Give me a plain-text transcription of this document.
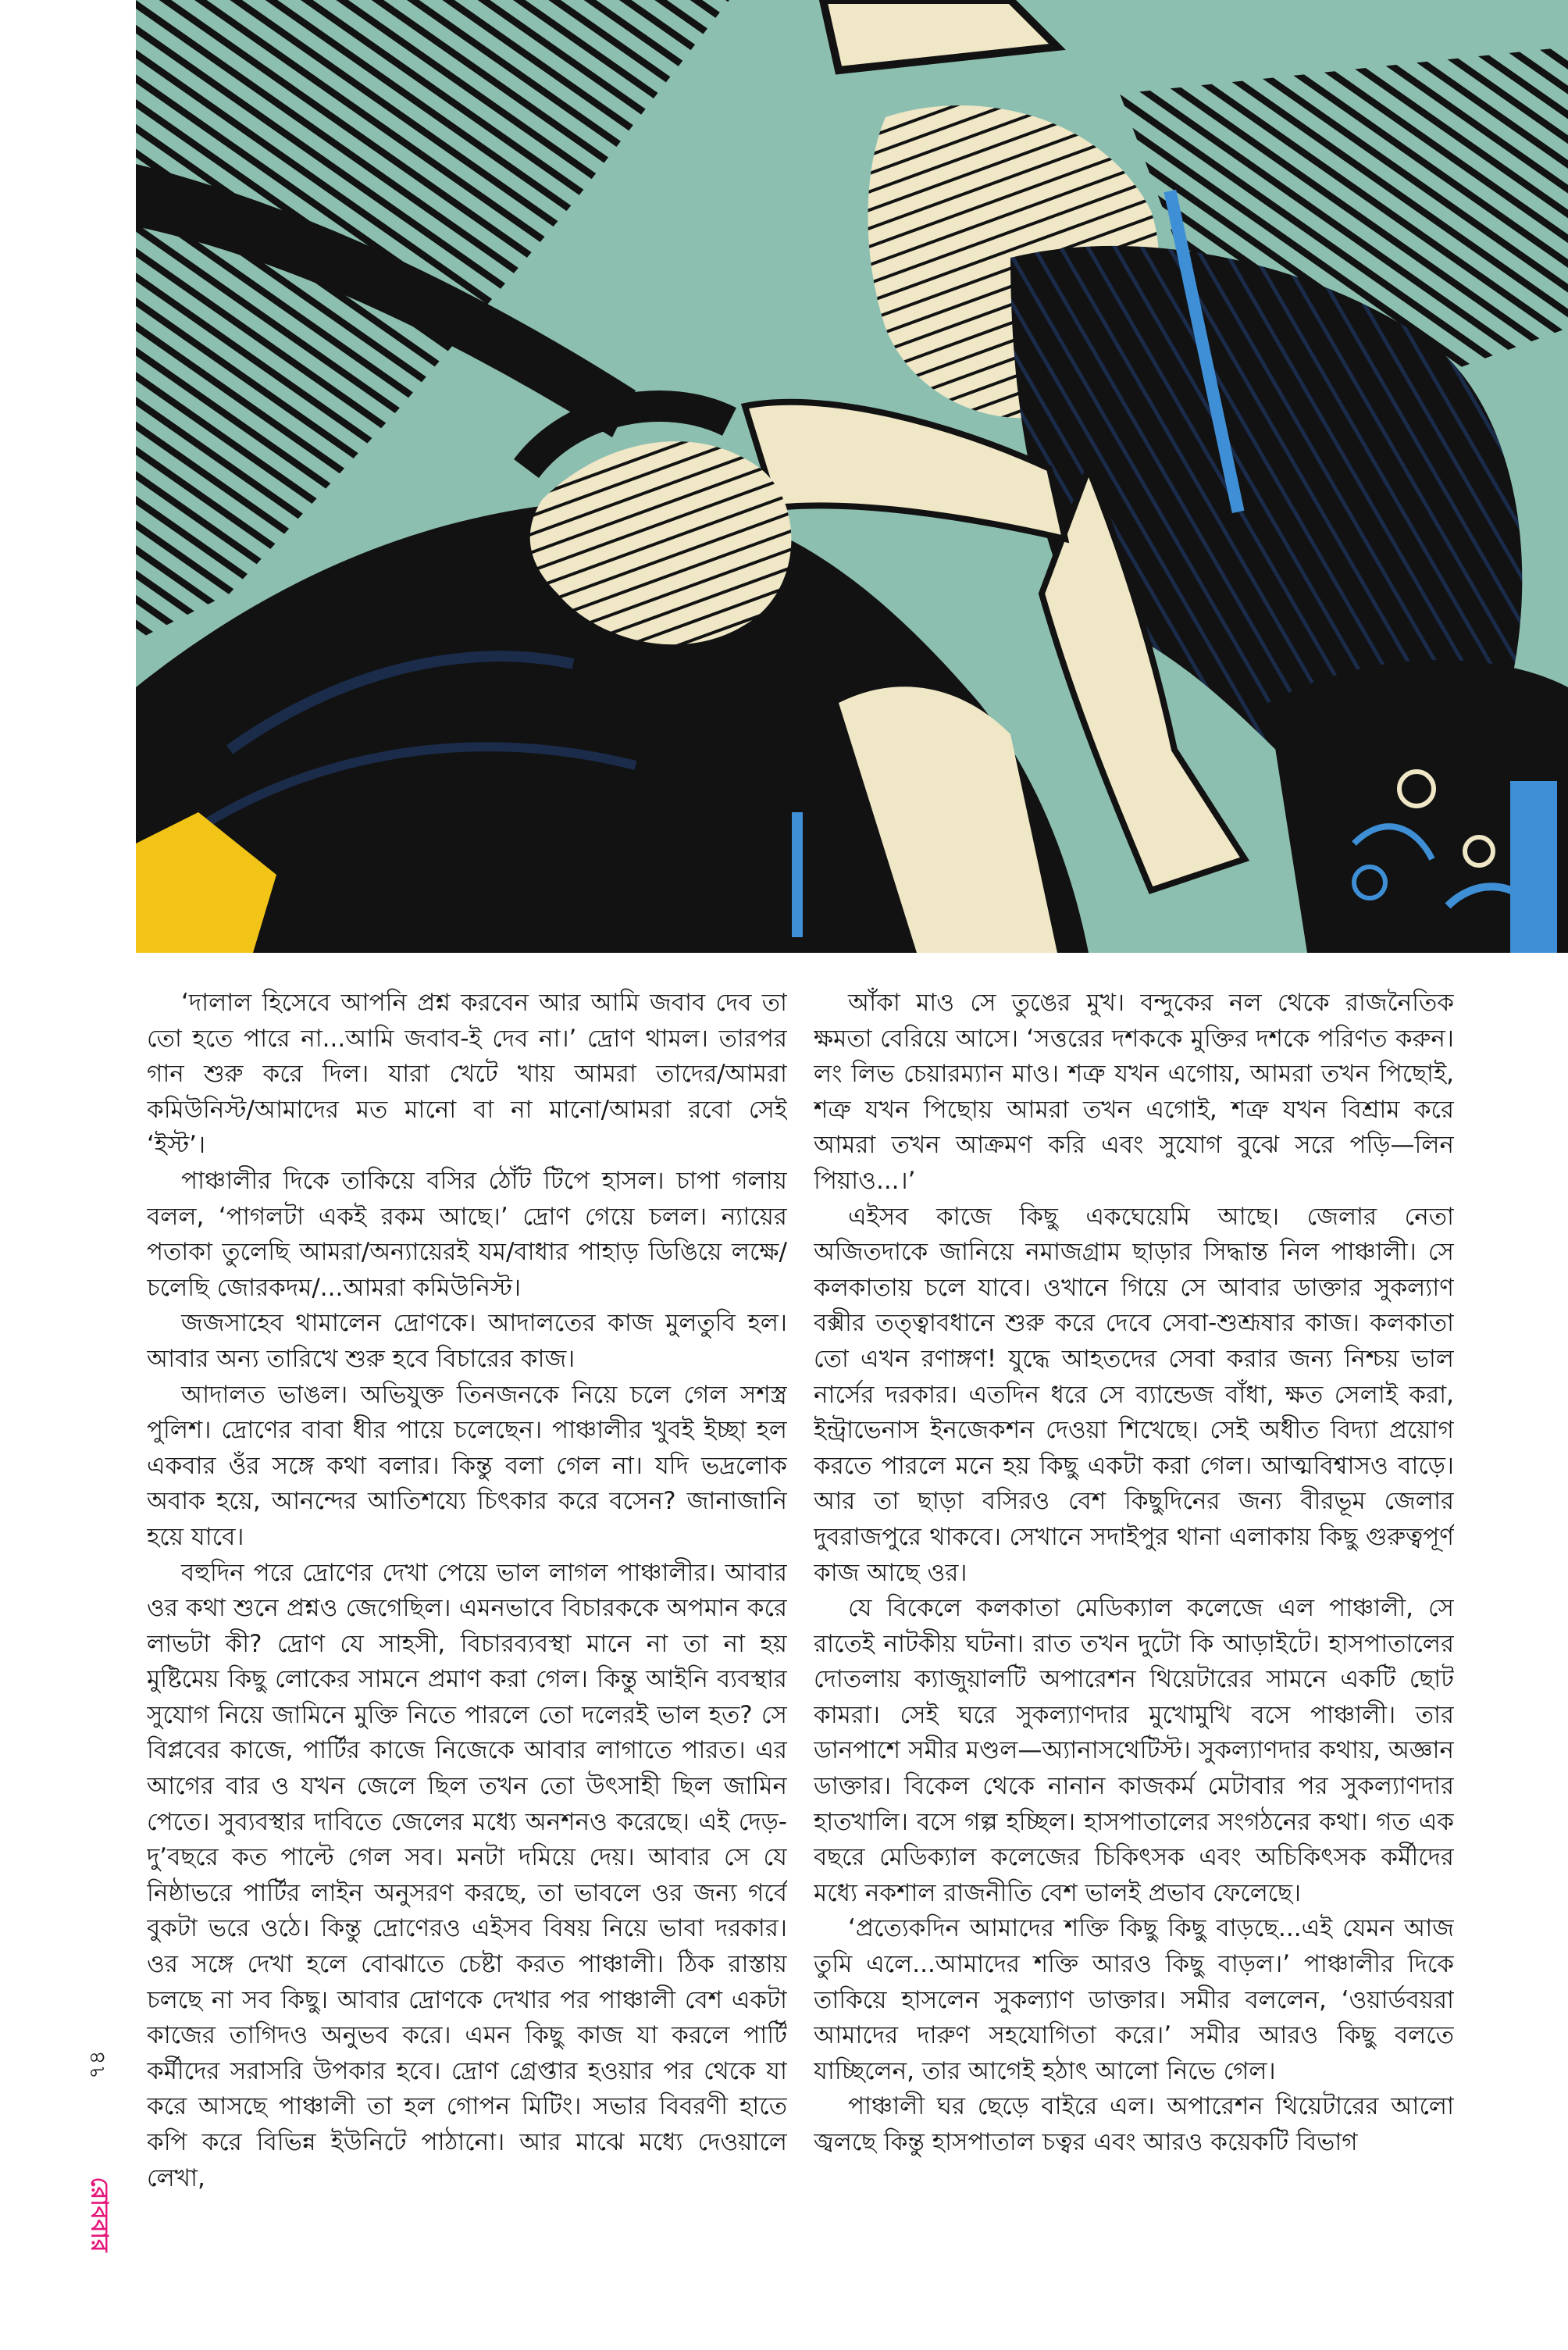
‘দালাল হিসেবে আপনি প্রশ্ন করবেন আর আমি জবাব দেব তা তো হতে পারে না...আমি জবাব-ই দেব না।’ দ্রোণ থামল। তারপর গান শুরু করে দিল। যারা খেটে খায় আমরা তাদের/আমরা কমিউনিস্ট/আমাদের মত মানো বা না মানো/আমরা রবো সেই ‘ইস্ট’।

পাঞ্চালীর দিকে তাকিয়ে বসির ঠোঁট টিপে হাসল। চাপা গলায় বলল, ‘পাগলটা একই রকম আছে।’ দ্রোণ গেয়ে চলল। ন্যায়ের পতাকা তুলেছি আমরা/অন্যায়েরই যম/বাধার পাহাড় ডিঙিয়ে লক্ষে/চলেছি জোরকদম/...আমরা কমিউনিস্ট।

জজসাহেব থামালেন দ্রোণকে। আদালতের কাজ মুলতুবি হল। আবার অন্য তারিখে শুরু হবে বিচারের কাজ।

আদালত ভাঙল। অভিযুক্ত তিনজনকে নিয়ে চলে গেল সশস্ত্র পুলিশ। দ্রোণের বাবা ধীর পায়ে চলেছেন। পাঞ্চালীর খুবই ইচ্ছা হল একবার ওঁর সঙ্গে কথা বলার। কিন্তু বলা গেল না। যদি ভদ্রলোক অবাক হয়ে, আনন্দের আতিশয্যে চিৎকার করে বসেন? জানাজানি হয়ে যাবে।

বহুদিন পরে দ্রোণের দেখা পেয়ে ভাল লাগল পাঞ্চালীর। আবার ওর কথা শুনে প্রশ্নও জেগেছিল। এমনভাবে বিচারককে অপমান করে লাভটা কী? দ্রোণ যে সাহসী, বিচারব্যবস্থা মানে না তা না হয় মুষ্টিমেয় কিছু লোকের সামনে প্রমাণ করা গেল। কিন্তু আইনি ব্যবস্থার সুযোগ নিয়ে জামিনে মুক্তি নিতে পারলে তো দলেরই ভাল হত? সে বিপ্লবের কাজে, পার্টির কাজে নিজেকে আবার লাগাতে পারত। এর আগের বার ও যখন জেলে ছিল তখন তো উৎসাহী ছিল জামিন পেতে। সুব্যবস্থার দাবিতে জেলের মধ্যে অনশনও করেছে। এই দেড়-দু’বছরে কত পাল্টে গেল সব। মনটা দমিয়ে দেয়। আবার সে যে নিষ্ঠাভরে পার্টির লাইন অনুসরণ করছে, তা ভাবলে ওর জন্য গর্বে বুকটা ভরে ওঠে। কিন্তু দ্রোণেরও এইসব বিষয় নিয়ে ভাবা দরকার। ওর সঙ্গে দেখা হলে বোঝাতে চেষ্টা করত পাঞ্চালী। ঠিক রাস্তায় চলছে না সব কিছু। আবার দ্রোণকে দেখার পর পাঞ্চালী বেশ একটা কাজের তাগিদও অনুভব করে। এমন কিছু কাজ যা করলে পার্টি কর্মীদের সরাসরি উপকার হবে। দ্রোণ গ্রেপ্তার হওয়ার পর থেকে যা করে আসছে পাঞ্চালী তা হল গোপন মিটিং। সভার বিবরণী হাতে কপি করে বিভিন্ন ইউনিটে পাঠানো। আর মাঝে মধ্যে দেওয়ালে লেখা,

আঁকা মাও সে তুঙের মুখ। বন্দুকের নল থেকে রাজনৈতিক ক্ষমতা বেরিয়ে আসে। ‘সত্তরের দশককে মুক্তির দশকে পরিণত করুন। লং লিভ চেয়ারম্যান মাও। শত্রু যখন এগোয়, আমরা তখন পিছোই, শত্রু যখন পিছোয় আমরা তখন এগোই, শত্রু যখন বিশ্রাম করে আমরা তখন আক্রমণ করি এবং সুযোগ বুঝে সরে পড়ি—লিন পিয়াও...।’

এইসব কাজে কিছু একঘেয়েমি আছে। জেলার নেতা অজিতদাকে জানিয়ে নমাজগ্রাম ছাড়ার সিদ্ধান্ত নিল পাঞ্চালী। সে কলকাতায় চলে যাবে। ওখানে গিয়ে সে আবার ডাক্তার সুকল্যাণ বক্সীর তত্ত্বাবধানে শুরু করে দেবে সেবা-শুশ্রূষার কাজ। কলকাতা তো এখন রণাঙ্গণ! যুদ্ধে আহতদের সেবা করার জন্য নিশ্চয় ভাল নার্সের দরকার। এতদিন ধরে সে ব্যান্ডেজ বাঁধা, ক্ষত সেলাই করা, ইন্ট্রাভেনাস ইনজেকশন দেওয়া শিখেছে। সেই অধীত বিদ্যা প্রয়োগ করতে পারলে মনে হয় কিছু একটা করা গেল। আত্মবিশ্বাসও বাড়ে। আর তা ছাড়া বসিরও বেশ কিছুদিনের জন্য বীরভূম জেলার দুবরাজপুরে থাকবে। সেখানে সদাইপুর থানা এলাকায় কিছু গুরুত্বপূর্ণ কাজ আছে ওর।

যে বিকেলে কলকাতা মেডিক্যাল কলেজে এল পাঞ্চালী, সে রাতেই নাটকীয় ঘটনা। রাত তখন দুটো কি আড়াইটে। হাসপাতালের দোতলায় ক্যাজুয়ালটি অপারেশন থিয়েটারের সামনে একটি ছোট কামরা। সেই ঘরে সুকল্যাণদার মুখোমুখি বসে পাঞ্চালী। তার ডানপাশে সমীর মণ্ডল—অ্যানাসথেটিস্ট। সুকল্যাণদার কথায়, অজ্ঞান ডাক্তার। বিকেল থেকে নানান কাজকর্ম মেটাবার পর সুকল্যাণদার হাতখালি। বসে গল্প হচ্ছিল। হাসপাতালের সংগঠনের কথা। গত এক বছরে মেডিক্যাল কলেজের চিকিৎসক এবং অচিকিৎসক কর্মীদের মধ্যে নকশাল রাজনীতি বেশ ভালই প্রভাব ফেলেছে।

‘প্রত্যেকদিন আমাদের শক্তি কিছু কিছু বাড়ছে...এই যেমন আজ তুমি এলে...আমাদের শক্তি আরও কিছু বাড়ল।’ পাঞ্চালীর দিকে তাকিয়ে হাসলেন সুকল্যাণ ডাক্তার। সমীর বললেন, ‘ওয়ার্ডবয়রা আমাদের দারুণ সহযোগিতা করে।’ সমীর আরও কিছু বলতে যাচ্ছিলেন, তার আগেই হঠাৎ আলো নিভে গেল।

পাঞ্চালী ঘর ছেড়ে বাইরে এল। অপারেশন থিয়েটারের আলো জ্বলছে কিন্তু হাসপাতাল চত্বর এবং আরও কয়েকটি বিভাগ

৭৪
রোববার
